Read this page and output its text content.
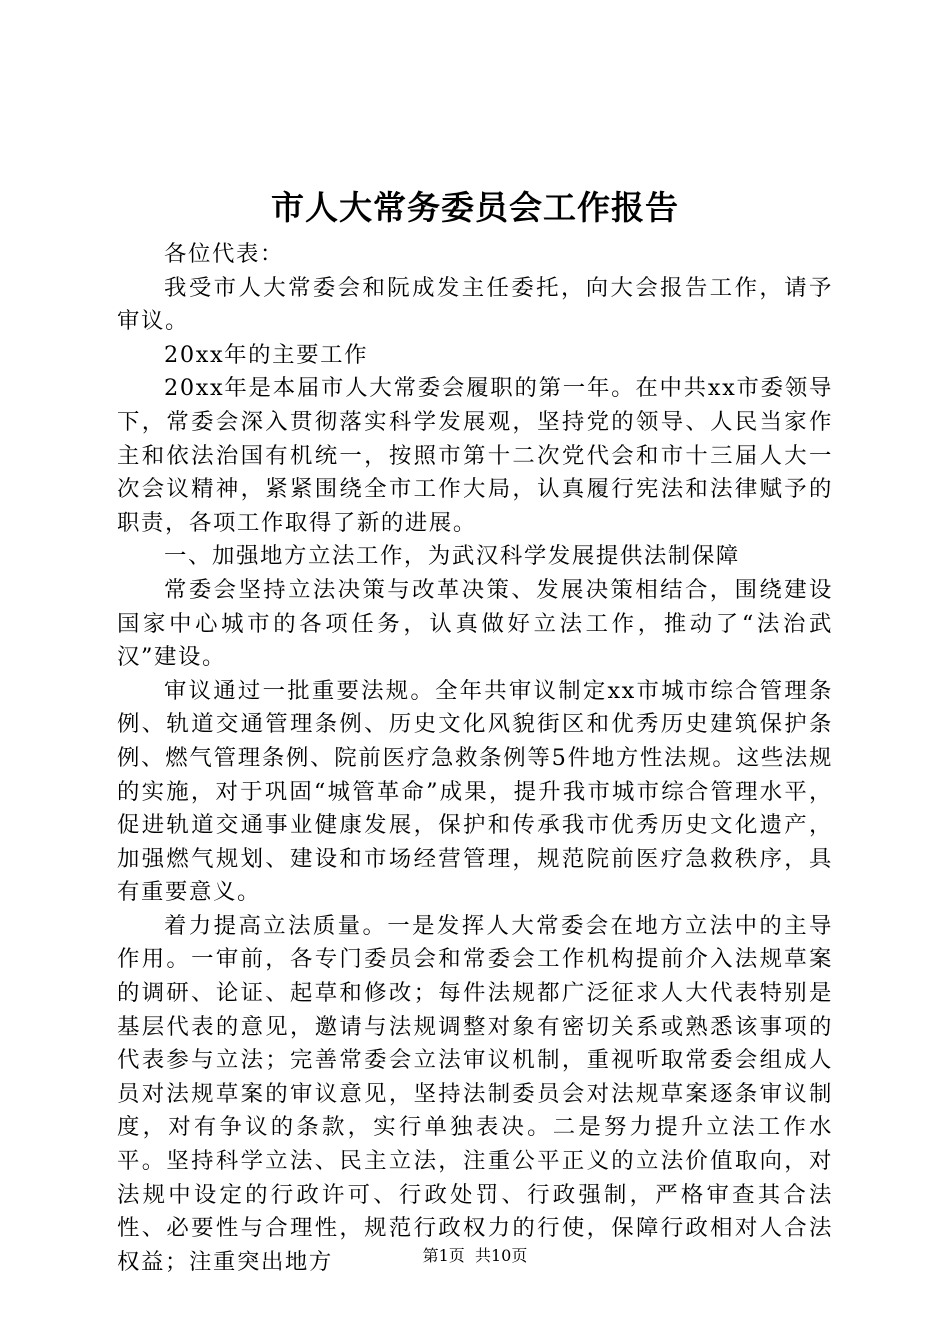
市人大常务委员会工作报告

各位代表：

我受市人大常委会和阮成发主任委托，向大会报告工作，请予审议。

20xx年的主要工作

20xx年是本届市人大常委会履职的第一年。在中共xx市委领导下，常委会深入贯彻落实科学发展观，坚持党的领导、人民当家作主和依法治国有机统一，按照市第十二次党代会和市十三届人大一次会议精神，紧紧围绕全市工作大局，认真履行宪法和法律赋予的职责，各项工作取得了新的进展。

一、加强地方立法工作，为武汉科学发展提供法制保障

常委会坚持立法决策与改革决策、发展决策相结合，围绕建设国家中心城市的各项任务，认真做好立法工作，推动了“法治武汉”建设。

审议通过一批重要法规。全年共审议制定xx市城市综合管理条例、轨道交通管理条例、历史文化风貌街区和优秀历史建筑保护条例、燃气管理条例、院前医疗急救条例等5件地方性法规。这些法规的实施，对于巩固“城管革命”成果，提升我市城市综合管理水平，促进轨道交通事业健康发展，保护和传承我市优秀历史文化遗产，加强燃气规划、建设和市场经营管理，规范院前医疗急救秩序，具有重要意义。

着力提高立法质量。一是发挥人大常委会在地方立法中的主导作用。一审前，各专门委员会和常委会工作机构提前介入法规草案的调研、论证、起草和修改；每件法规都广泛征求人大代表特别是基层代表的意见，邀请与法规调整对象有密切关系或熟悉该事项的代表参与立法；完善常委会立法审议机制，重视听取常委会组成人员对法规草案的审议意见，坚持法制委员会对法规草案逐条审议制度，对有争议的条款，实行单独表决。二是努力提升立法工作水平。坚持科学立法、民主立法，注重公平正义的立法价值取向，对法规中设定的行政许可、行政处罚、行政强制，严格审查其合法性、必要性与合理性，规范行政权力的行使，保障行政相对人合法权益；注重突出地方	第1页 共10页
